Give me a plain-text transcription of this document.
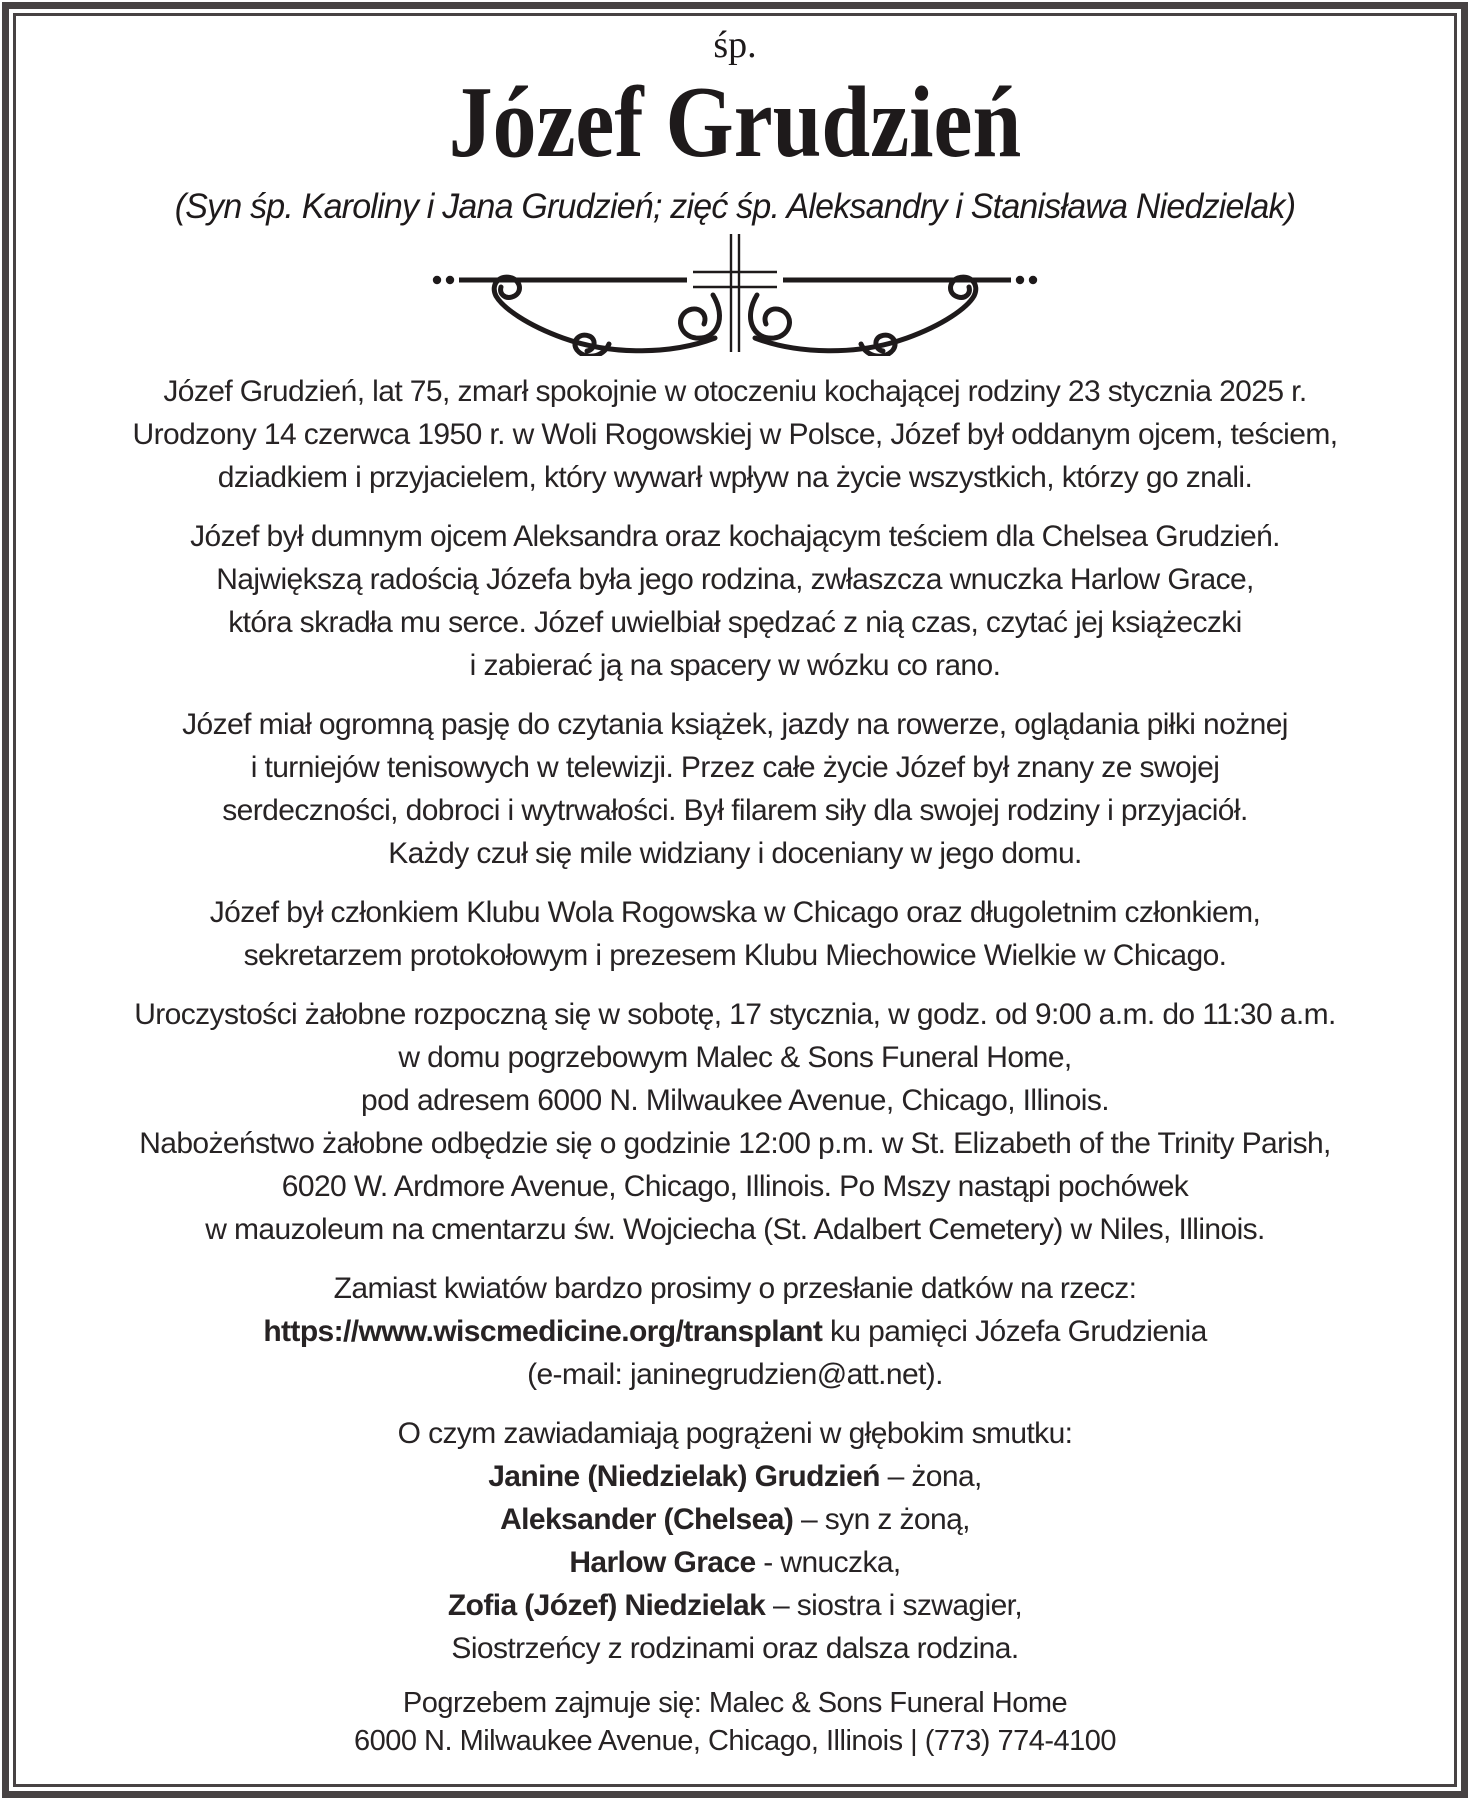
śp.
Józef Grudzień
(Syn śp. Karoliny i Jana Grudzień; zięć śp. Aleksandry i Stanisława Niedzielak)
Józef Grudzień, lat 75, zmarł spokojnie w otoczeniu kochającej rodziny 23 stycznia 2025 r.
Urodzony 14 czerwca 1950 r. w Woli Rogowskiej w Polsce, Józef był oddanym ojcem, teściem,
dziadkiem i przyjacielem, który wywarł wpływ na życie wszystkich, którzy go znali.
Józef był dumnym ojcem Aleksandra oraz kochającym teściem dla Chelsea Grudzień.
Największą radością Józefa była jego rodzina, zwłaszcza wnuczka Harlow Grace,
która skradła mu serce. Józef uwielbiał spędzać z nią czas, czytać jej książeczki
i zabierać ją na spacery w wózku co rano.
Józef miał ogromną pasję do czytania książek, jazdy na rowerze, oglądania piłki nożnej
i turniejów tenisowych w telewizji. Przez całe życie Józef był znany ze swojej
serdeczności, dobroci i wytrwałości. Był filarem siły dla swojej rodziny i przyjaciół.
Każdy czuł się mile widziany i doceniany w jego domu.
Józef był członkiem Klubu Wola Rogowska w Chicago oraz długoletnim członkiem,
sekretarzem protokołowym i prezesem Klubu Miechowice Wielkie w Chicago.
Uroczystości żałobne rozpoczną się w sobotę, 17 stycznia, w godz. od 9:00 a.m. do 11:30 a.m.
w domu pogrzebowym Malec & Sons Funeral Home,
pod adresem 6000 N. Milwaukee Avenue, Chicago, Illinois.
Nabożeństwo żałobne odbędzie się o godzinie 12:00 p.m. w St. Elizabeth of the Trinity Parish,
6020 W. Ardmore Avenue, Chicago, Illinois. Po Mszy nastąpi pochówek
w mauzoleum na cmentarzu św. Wojciecha (St. Adalbert Cemetery) w Niles, Illinois.
Zamiast kwiatów bardzo prosimy o przesłanie datków na rzecz:
https://www.wiscmedicine.org/transplant ku pamięci Józefa Grudzienia
(e-mail: janinegrudzien@att.net).
O czym zawiadamiają pogrążeni w głębokim smutku:
Janine (Niedzielak) Grudzień – żona,
Aleksander (Chelsea) – syn z żoną,
Harlow Grace - wnuczka,
Zofia (Józef) Niedzielak – siostra i szwagier,
Siostrzeńcy z rodzinami oraz dalsza rodzina.
Pogrzebem zajmuje się: Malec & Sons Funeral Home
6000 N. Milwaukee Avenue, Chicago, Illinois | (773) 774-4100
